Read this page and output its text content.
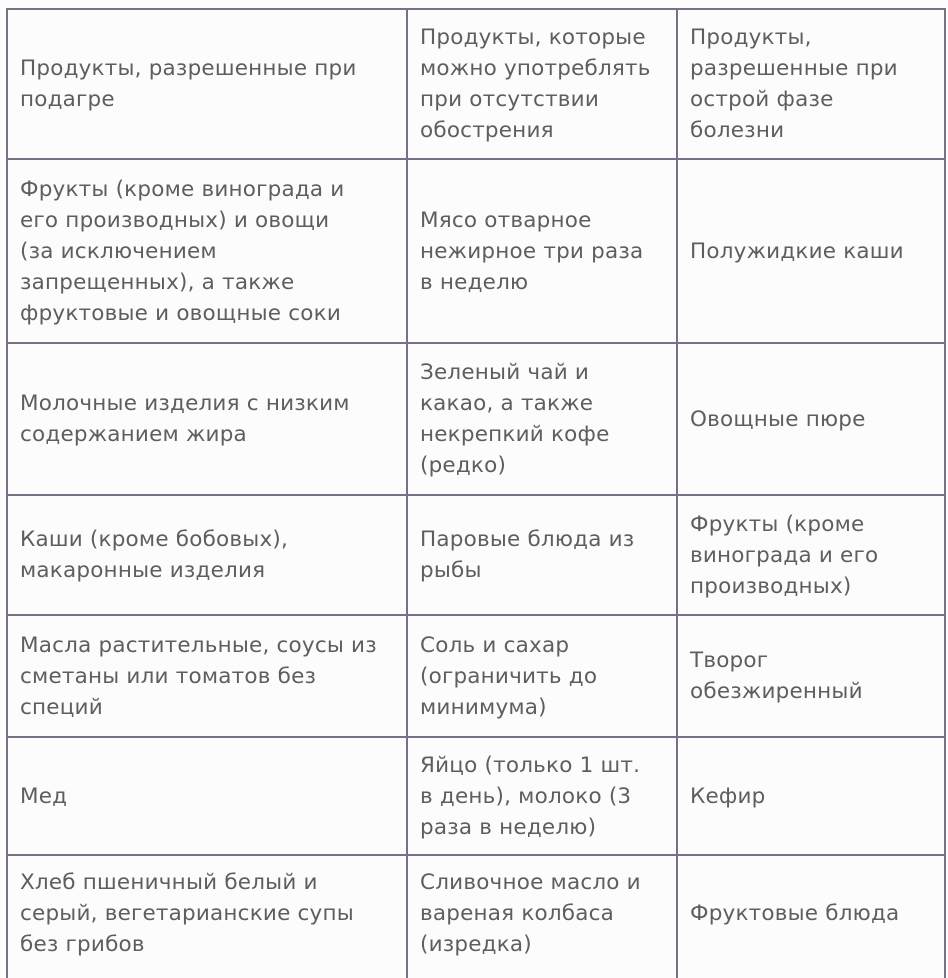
Продукты, разрешенные при
подагре
Продукты, которые
можно употреблять
при отсутствии
обострения
Продукты,
разрешенные при
острой фазе
болезни
Фрукты (кроме винограда и
его производных) и овощи
(за исключением
запрещенных), а также
фруктовые и овощные соки
Мясо отварное
нежирное три раза
в неделю
Полужидкие каши
Молочные изделия с низким
содержанием жира
Зеленый чай и
какао, а также
некрепкий кофе
(редко)
Овощные пюре
Каши (кроме бобовых),
макаронные изделия
Паровые блюда из
рыбы
Фрукты (кроме
винограда и его
производных)
Масла растительные, соусы из
сметаны или томатов без
специй
Соль и сахар
(ограничить до
минимума)
Творог
обезжиренный
Мед
Яйцо (только 1 шт.
в день), молоко (3
раза в неделю)
Кефир
Хлеб пшеничный белый и
серый, вегетарианские супы
без грибов
Сливочное масло и
вареная колбаса
(изредка)
Фруктовые блюда
